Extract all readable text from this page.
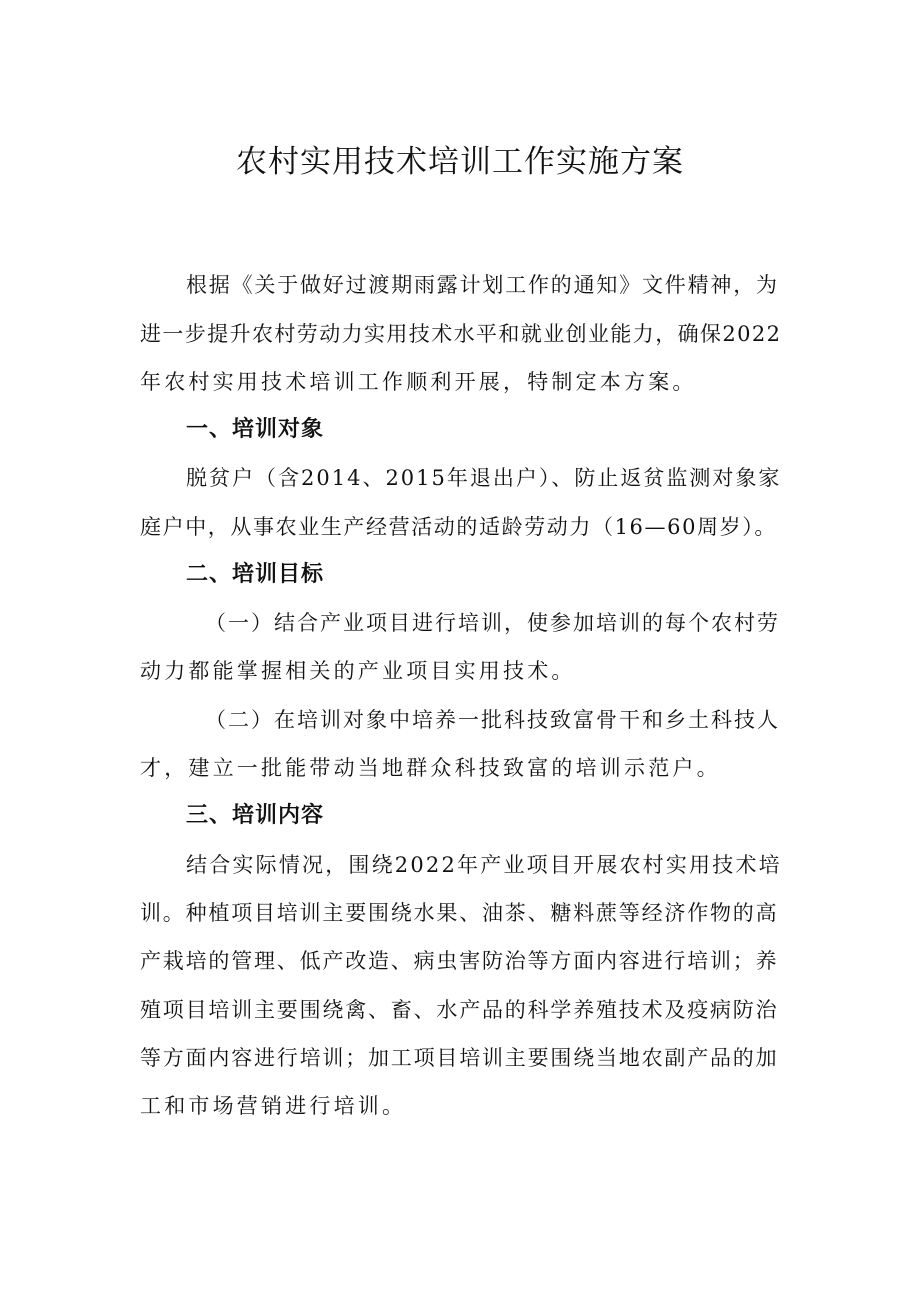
农村实用技术培训工作实施方案
根据《关于做好过渡期雨露计划工作的通知》文件精神，为
进一步提升农村劳动力实用技术水平和就业创业能力，确保2022
年农村实用技术培训工作顺利开展，特制定本方案。
一、培训对象
脱贫户（含2014、2015年退出户）、防止返贫监测对象家
庭户中，从事农业生产经营活动的适龄劳动力（16—60周岁）。
二、培训目标
（一）结合产业项目进行培训，使参加培训的每个农村劳
动力都能掌握相关的产业项目实用技术。
（二）在培训对象中培养一批科技致富骨干和乡土科技人
才，建立一批能带动当地群众科技致富的培训示范户。
三、培训内容
结合实际情况，围绕2022年产业项目开展农村实用技术培
训。种植项目培训主要围绕水果、油茶、糖料蔗等经济作物的高
产栽培的管理、低产改造、病虫害防治等方面内容进行培训；养
殖项目培训主要围绕禽、畜、水产品的科学养殖技术及疫病防治
等方面内容进行培训；加工项目培训主要围绕当地农副产品的加
工和市场营销进行培训。
